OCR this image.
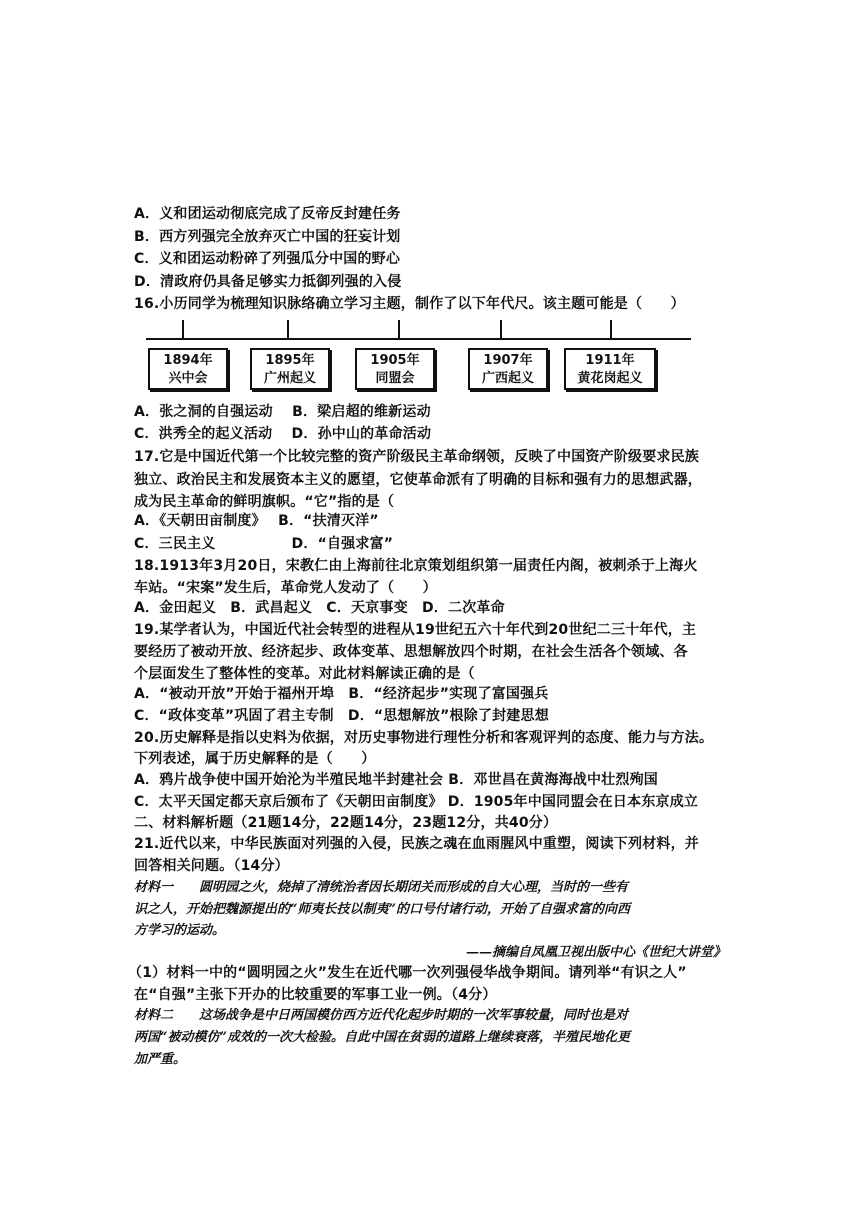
A．义和团运动彻底完成了反帝反封建任务
B．西方列强完全放弃灭亡中国的狂妄计划
C．义和团运动粉碎了列强瓜分中国的野心
D．清政府仍具备足够实力抵御列强的入侵
16.小历同学为梳理知识脉络确立学习主题，制作了以下年代尺。该主题可能是（　　）
1894年
兴中会
1895年
广州起义
1905年
同盟会
1907年
广西起义
1911年
黄花岗起义
A．张之洞的自强运动　 B．梁启超的维新运动
C．洪秀全的起义活动　 D．孙中山的革命活动
17.它是中国近代第一个比较完整的资产阶级民主革命纲领，反映了中国资产阶级要求民族
独立、政治民主和发展资本主义的愿望，它使革命派有了明确的目标和强有力的思想武器，
成为民主革命的鲜明旗帜。“它”指的是（
A．《天朝田亩制度》　 B．“扶清灭洋”
C．三民主义　　　　　 D．“自强求富”
18.1913年3月20日，宋教仁由上海前往北京策划组织第一届责任内阁，被刺杀于上海火
车站。“宋案”发生后，革命党人发动了（　　）
A．金田起义　B．武昌起义　C．天京事变　D．二次革命
19.某学者认为，中国近代社会转型的进程从19世纪五六十年代到20世纪二三十年代，主
要经历了被动开放、经济起步、政体变革、思想解放四个时期，在社会生活各个领域、各
个层面发生了整体性的变革。对此材料解读正确的是（
A．“被动开放”开始于福州开埠　B．“经济起步”实现了富国强兵
C．“政体变革”巩固了君主专制　D．“思想解放”根除了封建思想
20.历史解释是指以史料为依据，对历史事物进行理性分析和客观评判的态度、能力与方法。
下列表述，属于历史解释的是（　　）
A．鸦片战争使中国开始沦为半殖民地半封建社会 B．邓世昌在黄海海战中壮烈殉国
C．太平天国定都天京后颁布了《天朝田亩制度》 D．1905年中国同盟会在日本东京成立
二、材料解析题（21题14分，22题14分，23题12分，共40分）
21.近代以来，中华民族面对列强的入侵，民族之魂在血雨腥风中重塑，阅读下列材料，并
回答相关问题。（14分）
材料一　　圆明园之火，烧掉了清统治者因长期闭关而形成的自大心理，当时的一些有
识之人，开始把魏源提出的“师夷长技以制夷”的口号付诸行动，开始了自强求富的向西
方学习的运动。
——摘编自凤凰卫视出版中心《世纪大讲堂》
（1）材料一中的“圆明园之火”发生在近代哪一次列强侵华战争期间。请列举“有识之人”
在“自强”主张下开办的比较重要的军事工业一例。（4分）
材料二　　这场战争是中日两国模仿西方近代化起步时期的一次军事较量，同时也是对
两国“被动模仿”成效的一次大检验。自此中国在贫弱的道路上继续衰落，半殖民地化更
加严重。
